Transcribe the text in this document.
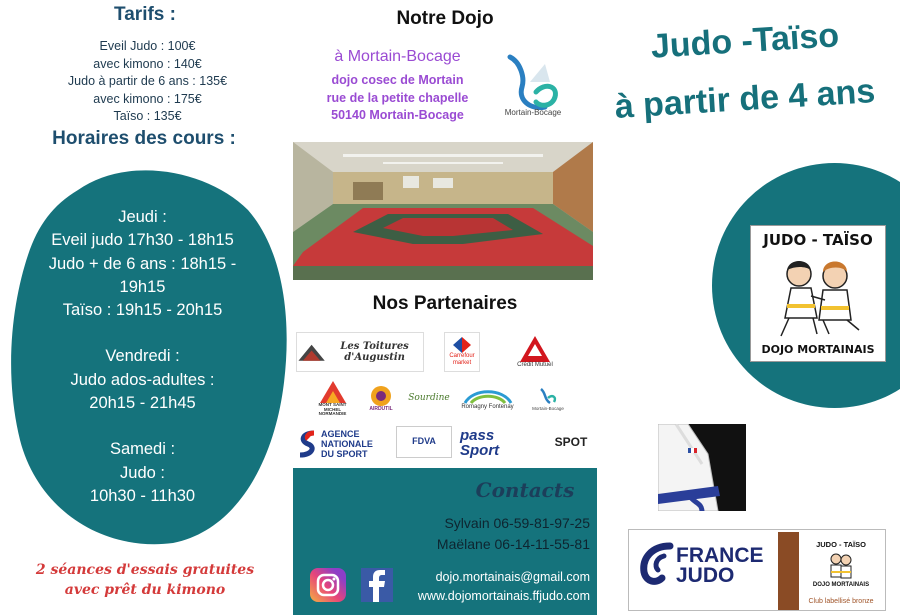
Tarifs :
Eveil Judo : 100€
avec kimono : 140€
Judo à partir de 6 ans : 135€
avec kimono : 175€
Taïso : 135€
Horaires des cours :
Jeudi :
Eveil judo 17h30 - 18h15
Judo + de 6 ans : 18h15 -
19h15
Taïso : 19h15 - 20h15
Vendredi :
Judo ados-adultes :
20h15 - 21h45
Samedi :
Judo :
10h30 - 11h30
2 séances d'essais gratuites
avec prêt du kimono
Notre Dojo
à Mortain-Bocage
dojo cosec de Mortain
rue de la petite chapelle
50140 Mortain-Bocage	Mortain-Bocage
Nos Partenaires
Les Toitures d'Augustin	Carrefour market	Crédit Mutuel
MONT SAINT MICHEL NORMANDIE
AIRDUTIL
Sourdine
Romagny Fontenay	Mortain-Bocage
AGENCE
NATIONALE
DU SPORT
FDVA pass
Sport	SPOT
Contacts
Sylvain 06-59-81-97-25
Maëlane 06-14-11-55-81
dojo.mortainais@gmail.com
www.dojomortainais.ffjudo.com
Judo -Taïso
à partir de 4 ans
JUDO - TAÏSO
DOJO MORTAINAIS
FRANCE
JUDO
JUDO - TAÏSO
DOJO MORTAINAIS
Club labellisé bronze
